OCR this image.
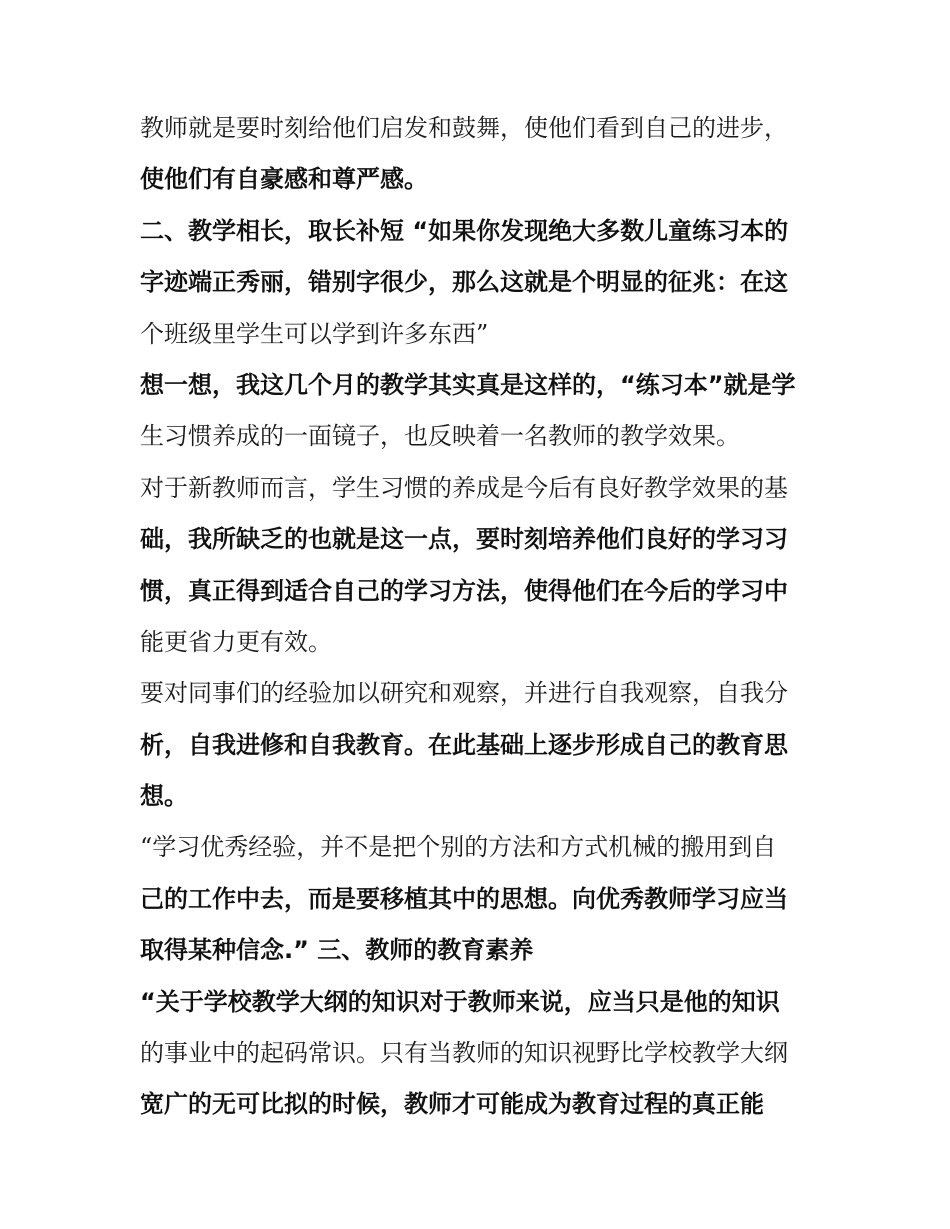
教师就是要时刻给他们启发和鼓舞，使他们看到自己的进步，
使他们有自豪感和尊严感。
二、教学相长，取长补短 “如果你发现绝大多数儿童练习本的
字迹端正秀丽，错别字很少，那么这就是个明显的征兆：在这
个班级里学生可以学到许多东西”
想一想，我这几个月的教学其实真是这样的，“练习本”就是学
生习惯养成的一面镜子，也反映着一名教师的教学效果。
对于新教师而言，学生习惯的养成是今后有良好教学效果的基
础，我所缺乏的也就是这一点，要时刻培养他们良好的学习习
惯，真正得到适合自己的学习方法，使得他们在今后的学习中
能更省力更有效。
要对同事们的经验加以研究和观察，并进行自我观察，自我分
析，自我进修和自我教育。在此基础上逐步形成自己的教育思
想。
“学习优秀经验，并不是把个别的方法和方式机械的搬用到自
己的工作中去，而是要移植其中的思想。向优秀教师学习应当
取得某种信念.” 三、教师的教育素养
“关于学校教学大纲的知识对于教师来说，应当只是他的知识
的事业中的起码常识。只有当教师的知识视野比学校教学大纲
宽广的无可比拟的时候，教师才可能成为教育过程的真正能
